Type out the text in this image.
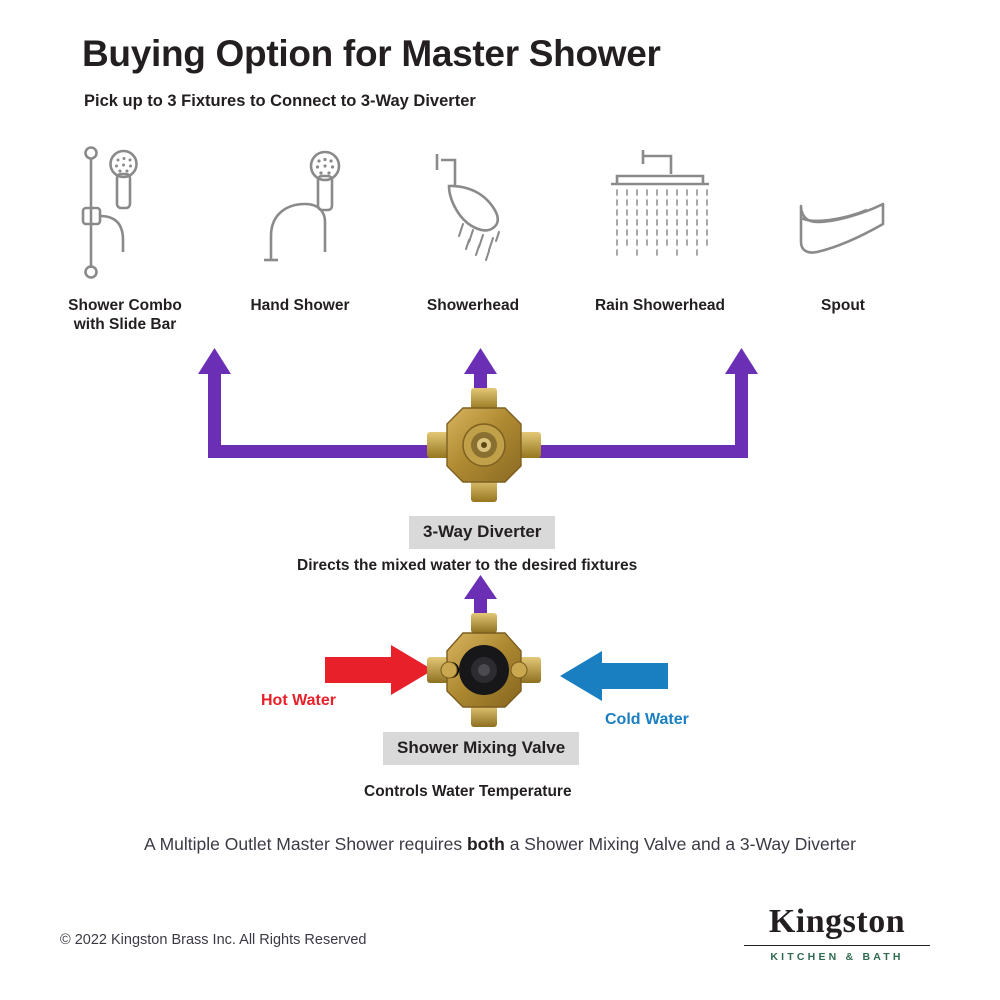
Buying Option for Master Shower
Pick up to 3 Fixtures to Connect to 3-Way Diverter
Shower Combo
with Slide Bar
Hand Shower	Showerhead	Rain Showerhead	Spout
3-Way Diverter
Directs the mixed water to the desired fixtures
Hot Water
Cold Water
Shower Mixing Valve
Controls Water Temperature
A Multiple Outlet Master Shower requires both a Shower Mixing Valve and a 3-Way Diverter
© 2022 Kingston Brass Inc. All Rights Reserved	Kingston
KITCHEN & BATH
